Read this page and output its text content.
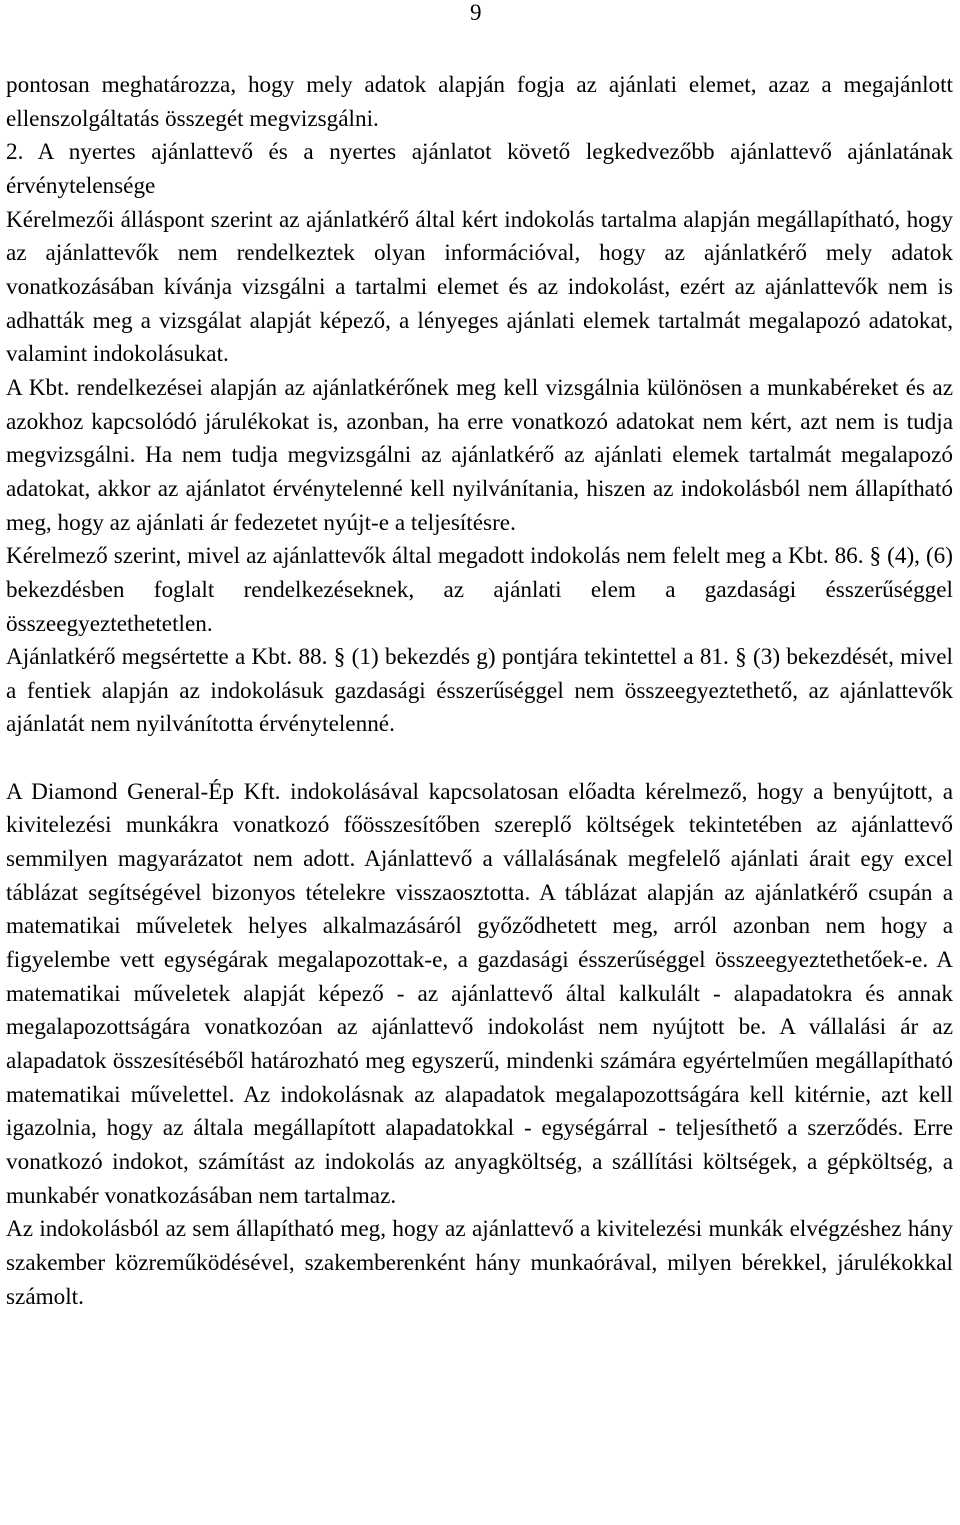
9

pontosan meghatározza, hogy mely adatok alapján fogja az ajánlati elemet, azaz a megajánlott ellenszolgáltatás összegét megvizsgálni.

2. A nyertes ajánlattevő és a nyertes ajánlatot követő legkedvezőbb ajánlattevő ajánlatának érvénytelensége

Kérelmezői álláspont szerint az ajánlatkérő által kért indokolás tartalma alapján megállapítható, hogy az ajánlattevők nem rendelkeztek olyan információval, hogy az ajánlatkérő mely adatok vonatkozásában kívánja vizsgálni a tartalmi elemet és az indokolást, ezért az ajánlattevők nem is adhatták meg a vizsgálat alapját képező, a lényeges ajánlati elemek tartalmát megalapozó adatokat, valamint indokolásukat.

A Kbt. rendelkezései alapján az ajánlatkérőnek meg kell vizsgálnia különösen a munkabéreket és az azokhoz kapcsolódó járulékokat is, azonban, ha erre vonatkozó adatokat nem kért, azt nem is tudja megvizsgálni. Ha nem tudja megvizsgálni az ajánlatkérő az ajánlati elemek tartalmát megalapozó adatokat, akkor az ajánlatot érvénytelenné kell nyilvánítania, hiszen az indokolásból nem állapítható meg, hogy az ajánlati ár fedezetet nyújt-e a teljesítésre.

Kérelmező szerint, mivel az ajánlattevők által megadott indokolás nem felelt meg a Kbt. 86. § (4), (6) bekezdésben foglalt rendelkezéseknek, az ajánlati elem a gazdasági ésszerűséggel összeegyeztethetetlen.

Ajánlatkérő megsértette a Kbt. 88. § (1) bekezdés g) pontjára tekintettel a 81. § (3) bekezdését, mivel a fentiek alapján az indokolásuk gazdasági ésszerűséggel nem összeegyeztethető, az ajánlattevők ajánlatát nem nyilvánította érvénytelenné.

A Diamond General-Ép Kft. indokolásával kapcsolatosan előadta kérelmező, hogy a benyújtott, a kivitelezési munkákra vonatkozó főösszesítőben szereplő költségek tekintetében az ajánlattevő semmilyen magyarázatot nem adott. Ajánlattevő a vállalásának megfelelő ajánlati árait egy excel táblázat segítségével bizonyos tételekre visszaosztotta. A táblázat alapján az ajánlatkérő csupán a matematikai műveletek helyes alkalmazásáról győződhetett meg, arról azonban nem hogy a figyelembe vett egységárak megalapozottak-e, a gazdasági ésszerűséggel összeegyeztethetőek-e. A matematikai műveletek alapját képező - az ajánlattevő által kalkulált - alapadatokra és annak megalapozottságára vonatkozóan az ajánlattevő indokolást nem nyújtott be. A vállalási ár az alapadatok összesítéséből határozható meg egyszerű, mindenki számára egyértelműen megállapítható matematikai művelettel. Az indokolásnak az alapadatok megalapozottságára kell kitérnie, azt kell igazolnia, hogy az általa megállapított alapadatokkal - egységárral - teljesíthető a szerződés. Erre vonatkozó indokot, számítást az indokolás az anyagköltség, a szállítási költségek, a gépköltség, a munkabér vonatkozásában nem tartalmaz.

Az indokolásból az sem állapítható meg, hogy az ajánlattevő a kivitelezési munkák elvégzéshez hány szakember közreműködésével, szakemberenként hány munkaórával, milyen bérekkel, járulékokkal számolt.
